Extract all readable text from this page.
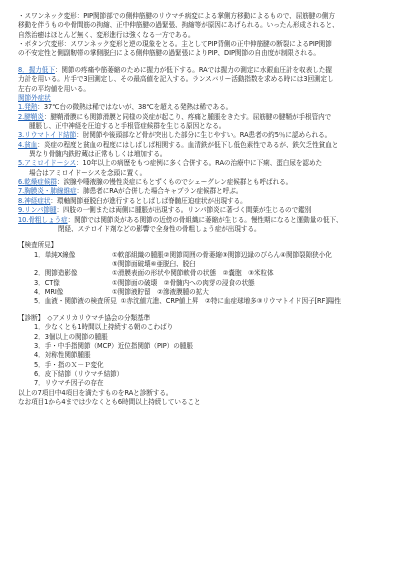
・スワンネック変形：PIP関節部での側伸筋腱のリウマチ病変による掌側方移動によるもので、屈筋腱の側方
移動を伴うものや骨間筋の拘縮、正中伸筋腱の過緊張、拘縮等が原因にあげられる。いったん形成されると、
自然治癒はほとんど無く、変形進行は強くなる一方である。
・ボタン穴変形：スワンネック変形と逆の現象をとる。主としてPIP背側の正中伸筋腱の断裂によるPIP関節
の不安定性と側副靭帯の掌側脱臼による側伸筋腱の過緊張によりPIP、DIP関節の自由度が制限される。
8．握力低下：関節の疼痛や筋萎縮のために握力が低下する。RAでは握力の測定に水銀血圧計を収表した握
力計を用いる。片手で3回測定し、その最高値を記入する。ランスバリー活動指数を求める時には3回測定し
左右の平均値を用いる。
関節外症状
1.発熱：37℃台の微熱は稀ではないが、38℃を超える発熱は稀である。
2.腱鞘炎：腱鞘滑膜にも関節滑膜と同様の炎症が起こり、疼痛と腫脹をきたす。屈筋腱の腱鞘が手根管内で
腫脹し、正中神経を圧迫すると手根管症候群を生じる原因となる。
3.リウマトイド結節：肘関節や後頭部など骨が突出した部分に生じやすい。RA患者の約5％に認められる。
4.貧血：炎症の程度と貧血の程度にはしばしば相関する。血清鉄が低下し低色素性であるが、鉄欠乏性貧血と
異なり骨髄内鉄貯蔵は正常もしくは増加する。
5.アミロイドーシス：10年以上の病歴をもつ症例に多く合併する。RAの治療中に下痢、蛋白尿を認めた
場合はアミロイドーシスを念頭に置く。
6.乾燥症候群：涙腺や唾液腺の慢性炎症にもとずくものでシェーグレン症候群とも呼ばれる。
7.胸膜炎・肺線維症：肺患者にRAが合併した場合キャプラン症候群と呼ぶ。
8.神経症状：環軸関節亜脱臼が進行するとしばしば脊髄圧迫症状が出現する。
9.リンパ節腫：四肢の一側または両側に腫脹が出現する。リンパ節炎に著づく間葉が生じるので鑑別
10.骨粗しょう症：関節では関節炎がある関節の近傍の骨組織に萎縮が生じる。慢性期になると運動量の低下、
閉経、ステロイド剤などの影響で全身性の骨粗しょう症が出現する。
【検査所見】
1．単純X線像	①軟部組織の腫脹②関節周囲の骨萎縮③関節辺縁のびらん④関節裂隙狭小化
⑤関節面破壊⑥亜脱臼、脱臼
2．関節造影像	①滑膜表面の形状や関節軟骨の状態　②嚢胞　③米粒体
3．CT像	①関節面の破壊　②骨髄内への肉芽の浸食の状態
4．MRI像	①関節液貯留　②滲液膜腫の拡大
5．血液・関節液の検査所見 ①赤沈値亢進、CRP値上昇　②特に血症球増多③リウマトイド因子[RF]陽性
【診断】　◇アメリカリウマチ協会の分類基準
1．少なくとも1時間以上持続する朝のこわばり
2．3個以上の関節の腫脹
3．手・中手指関節（MCP）近位指関節（PIP）の腫脹
4．対称性関節腫脹
5．手・指のＸ－Ｐ変化
6．皮下結節（リウマチ結節）
7．リウマチ因子の存在
以上の7項目中4項目を満たすものをRAと診断する。
なお項目1から4までは少なくとも6時間以上持続していること
